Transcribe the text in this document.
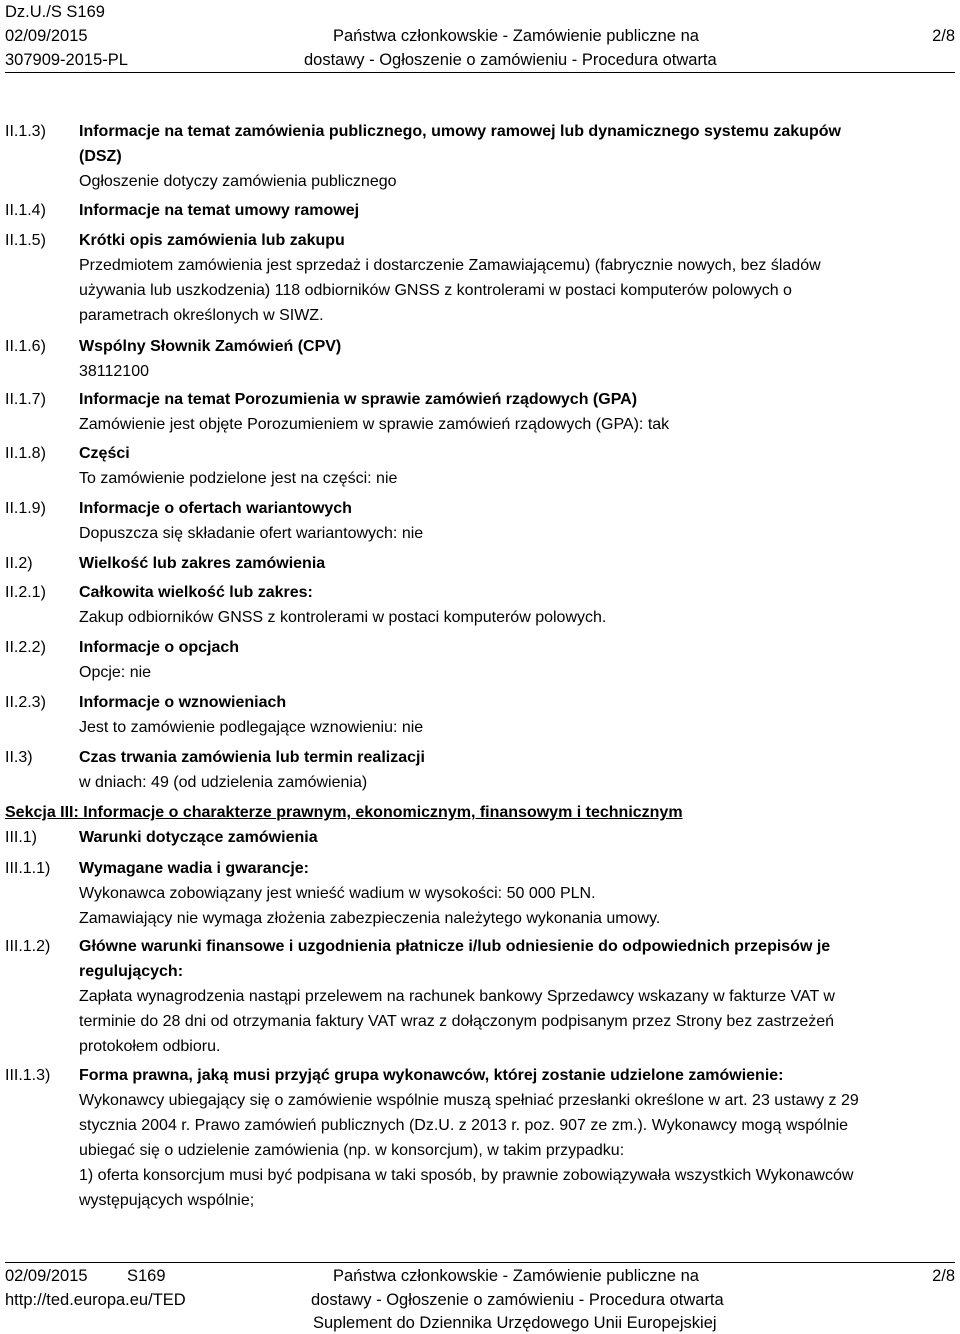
Dz.U./S S169
02/09/2015
307909-2015-PL
Państwa członkowskie - Zamówienie publiczne na
dostawy - Ogłoszenie o zamówieniu - Procedura otwarta
2/8
II.1.3)	Informacje na temat zamówienia publicznego, umowy ramowej lub dynamicznego systemu zakupów
(DSZ)
Ogłoszenie dotyczy zamówienia publicznego
II.1.4)	Informacje na temat umowy ramowej
II.1.5)	Krótki opis zamówienia lub zakupu
Przedmiotem zamówienia jest sprzedaż i dostarczenie Zamawiającemu) (fabrycznie nowych, bez śladów
używania lub uszkodzenia) 118 odbiorników GNSS z kontrolerami w postaci komputerów polowych o
parametrach określonych w SIWZ.
II.1.6)	Wspólny Słownik Zamówień (CPV)
38112100
II.1.7)	Informacje na temat Porozumienia w sprawie zamówień rządowych (GPA)
Zamówienie jest objęte Porozumieniem w sprawie zamówień rządowych (GPA): tak
II.1.8)	Części
To zamówienie podzielone jest na części: nie
II.1.9)	Informacje o ofertach wariantowych
Dopuszcza się składanie ofert wariantowych: nie
II.2)	Wielkość lub zakres zamówienia
II.2.1)	Całkowita wielkość lub zakres:
Zakup odbiorników GNSS z kontrolerami w postaci komputerów polowych.
II.2.2)	Informacje o opcjach
Opcje: nie
II.2.3)	Informacje o wznowieniach
Jest to zamówienie podlegające wznowieniu: nie
II.3)	Czas trwania zamówienia lub termin realizacji
w dniach: 49 (od udzielenia zamówienia)
Sekcja III: Informacje o charakterze prawnym, ekonomicznym, finansowym i technicznym
III.1)	Warunki dotyczące zamówienia
III.1.1)	Wymagane wadia i gwarancje:
Wykonawca zobowiązany jest wnieść wadium w wysokości: 50 000 PLN.
Zamawiający nie wymaga złożenia zabezpieczenia należytego wykonania umowy.
III.1.2)	Główne warunki finansowe i uzgodnienia płatnicze i/lub odniesienie do odpowiednich przepisów je
regulujących:
Zapłata wynagrodzenia nastąpi przelewem na rachunek bankowy Sprzedawcy wskazany w fakturze VAT w
terminie do 28 dni od otrzymania faktury VAT wraz z dołączonym podpisanym przez Strony bez zastrzeżeń
protokołem odbioru.
III.1.3)	Forma prawna, jaką musi przyjąć grupa wykonawców, której zostanie udzielone zamówienie:
Wykonawcy ubiegający się o zamówienie wspólnie muszą spełniać przesłanki określone w art. 23 ustawy z 29
stycznia 2004 r. Prawo zamówień publicznych (Dz.U. z 2013 r. poz. 907 ze zm.). Wykonawcy mogą wspólnie
ubiegać się o udzielenie zamówienia (np. w konsorcjum), w takim przypadku:
1) oferta konsorcjum musi być podpisana w taki sposób, by prawnie zobowiązywała wszystkich Wykonawców
występujących wspólnie;
02/09/2015 S169
http://ted.europa.eu/TED
Państwa członkowskie - Zamówienie publiczne na
dostawy - Ogłoszenie o zamówieniu - Procedura otwarta
Suplement do Dziennika Urzędowego Unii Europejskiej
2/8
